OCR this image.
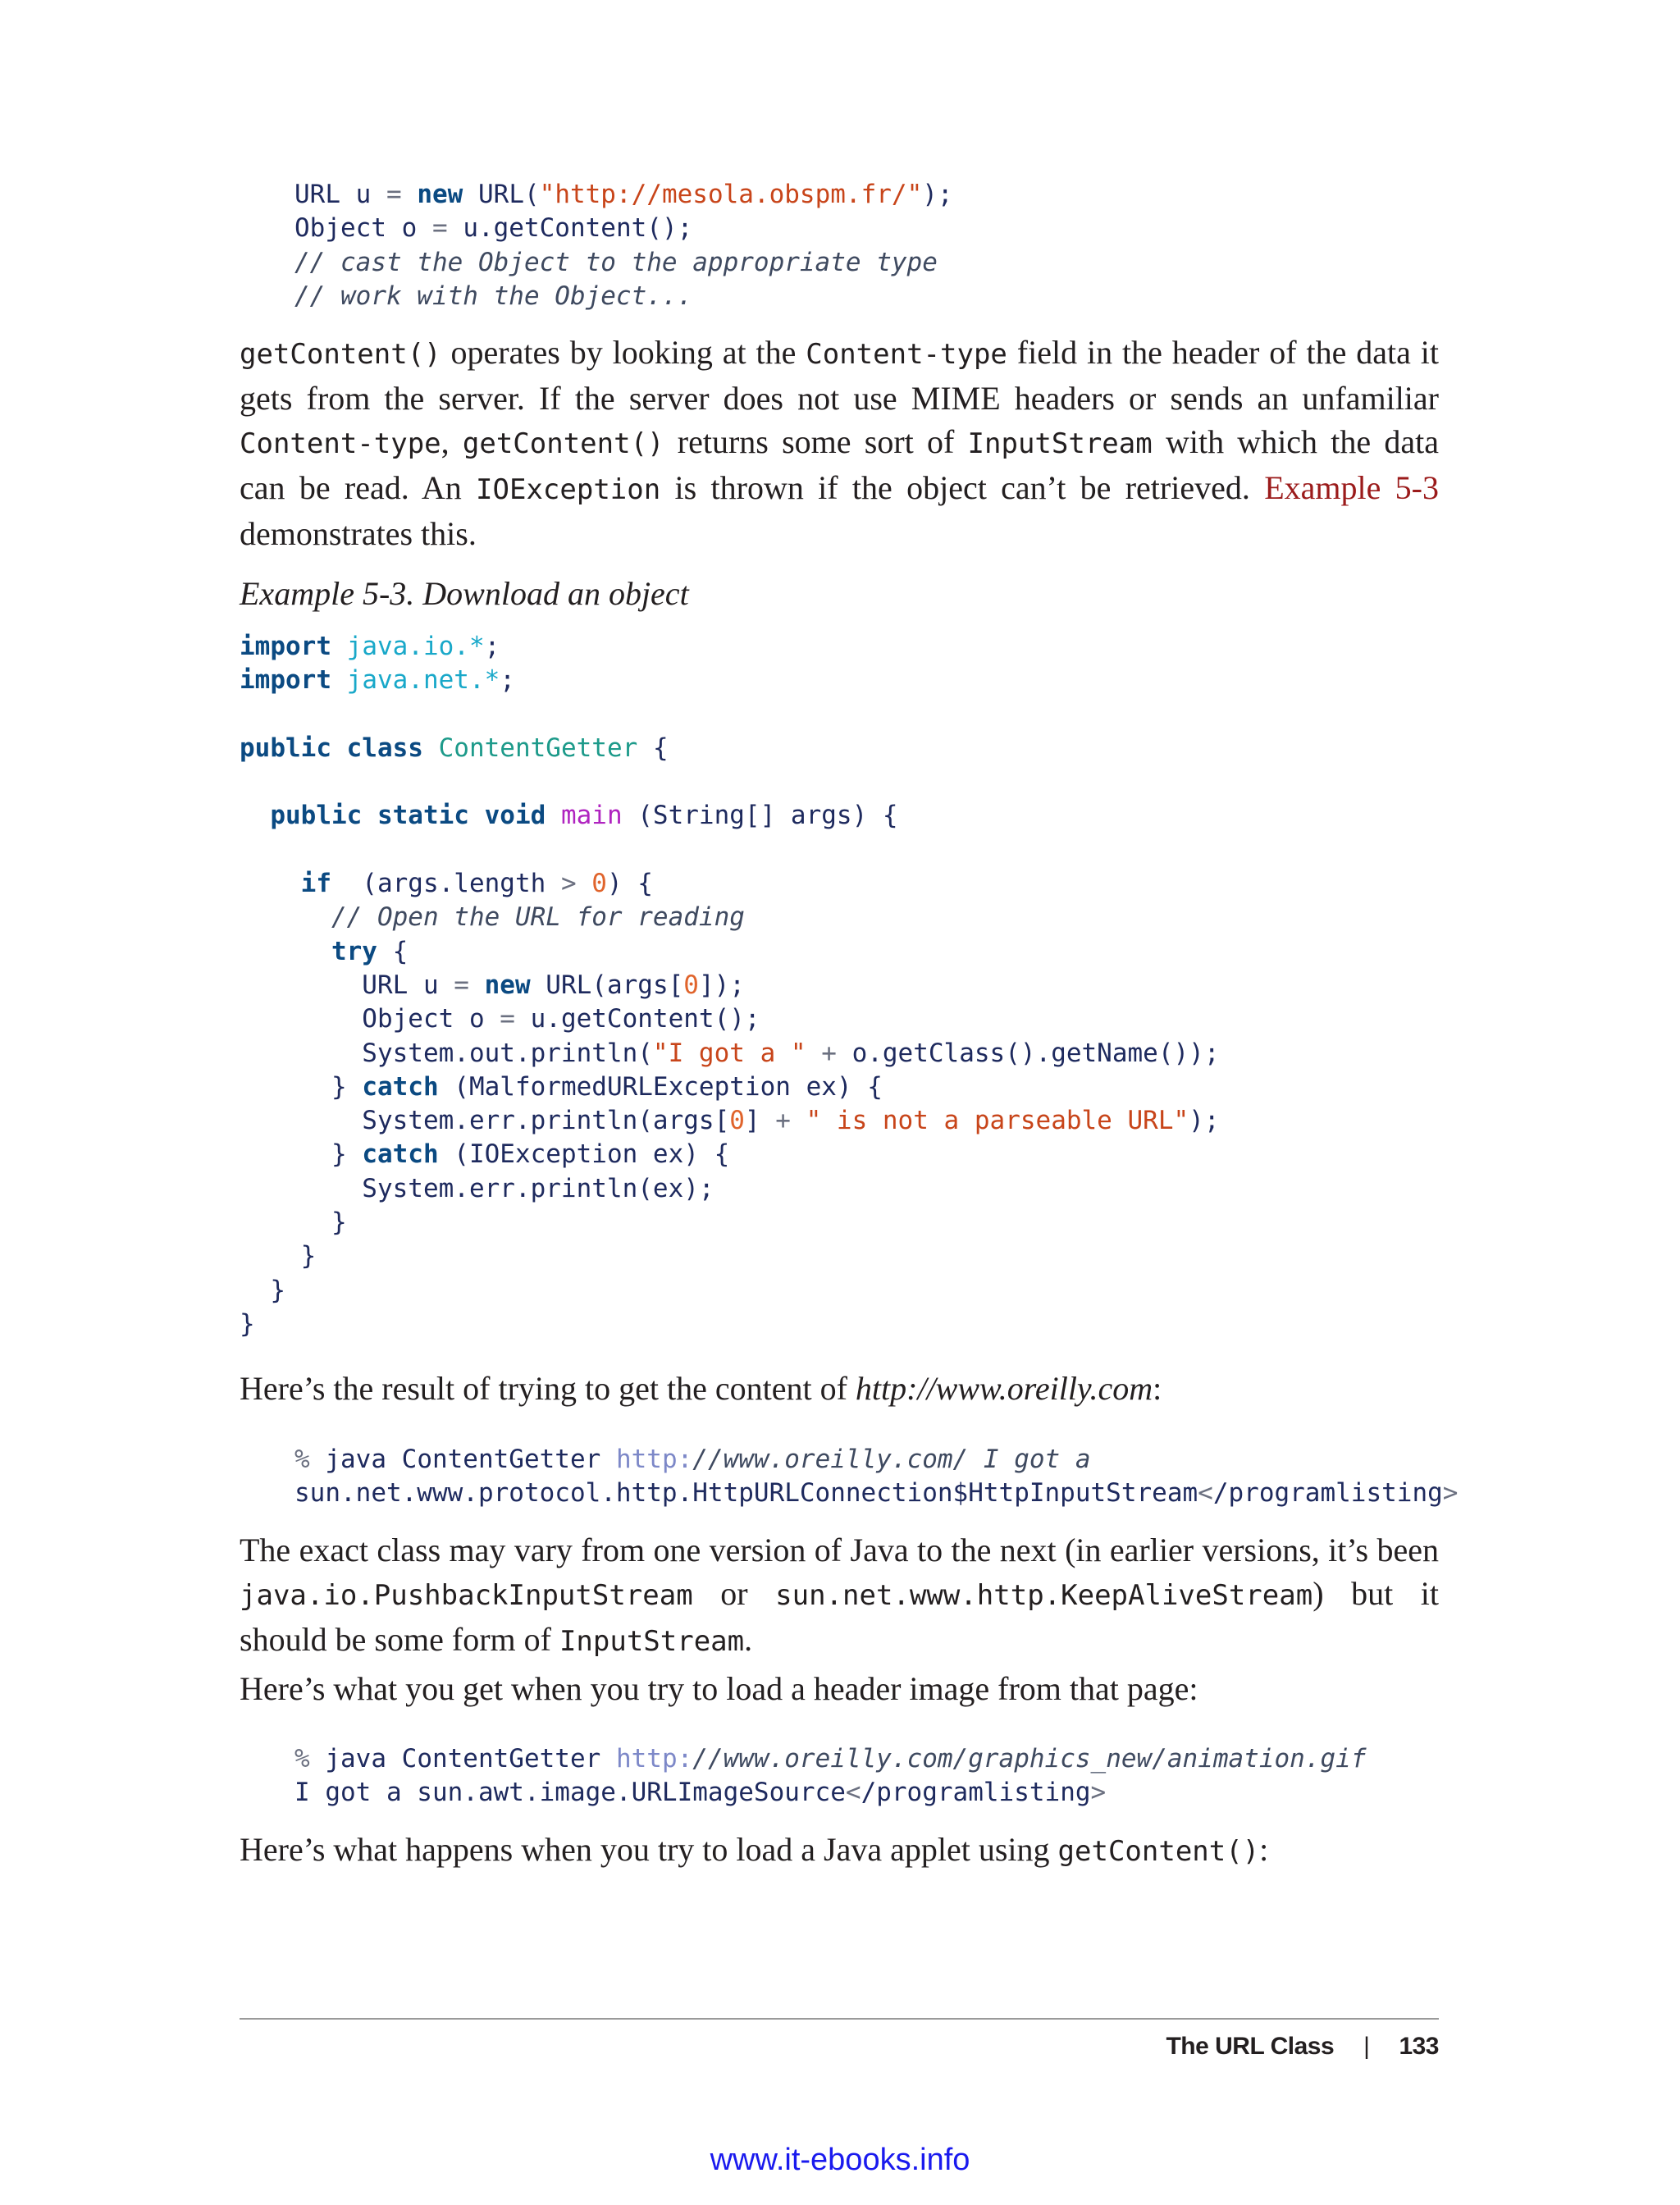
URL u = new URL("http://mesola.obspm.fr/");
Object o = u.getContent();
// cast the Object to the appropriate type
// work with the Object...

getContent() operates by looking at the Content-type field in the header of the data it gets from the server. If the server does not use MIME headers or sends an unfamiliar Content-type, getContent() returns some sort of InputStream with which the data can be read. An IOException is thrown if the object can’t be retrieved. Example 5-3 demonstrates this.

Example 5-3. Download an object

import java.io.*;
import java.net.*;

public class ContentGetter {

public static void main (String[] args) {

if  (args.length > 0) {
// Open the URL for reading
try {
URL u = new URL(args[0]);
Object o = u.getContent();
System.out.println("I got a " + o.getClass().getName());
} catch (MalformedURLException ex) {
System.err.println(args[0] + " is not a parseable URL");
} catch (IOException ex) {
System.err.println(ex);
}
}
}
}

Here’s the result of trying to get the content of http://www.oreilly.com:

% java ContentGetter http://www.oreilly.com/ I got a
sun.net.www.protocol.http.HttpURLConnection$HttpInputStream</programlisting>

The exact class may vary from one version of Java to the next (in earlier versions, it’s been java.io.PushbackInputStream or sun.net.www.http.KeepAliveStream) but it should be some form of InputStream.

Here’s what you get when you try to load a header image from that page:

% java ContentGetter http://www.oreilly.com/graphics_new/animation.gif
I got a sun.awt.image.URLImageSource</programlisting>

Here’s what happens when you try to load a Java applet using getContent():

The URL Class | 133
www.it-ebooks.info
